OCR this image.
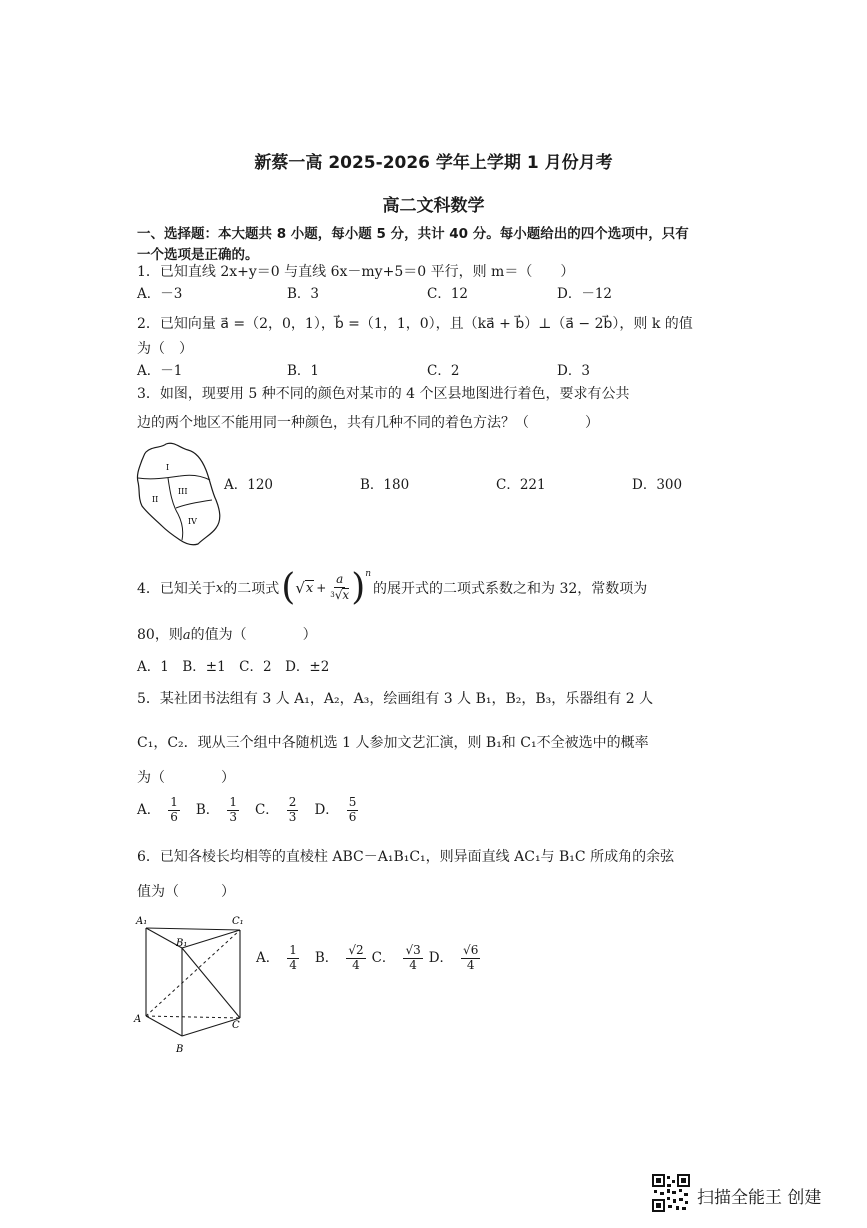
新蔡一高 2025-2026 学年上学期 1 月份月考
高二文科数学
一、选择题：本大题共 8 小题，每小题 5 分，共计 40 分。每小题给出的四个选项中，只有
一个选项是正确的。
1．已知直线 2x+y＝0 与直线 6x－my+5＝0 平行，则 m＝（　　）
A．－3	B．3	C．12	D．－12
2．已知向量 a⃗ =（2，0，1），b⃗ =（1，1，0），且（ka⃗ + b⃗）⊥（a⃗ − 2b⃗），则 k 的值
为（　）
A．－1	B．1	C．2	D．3
3．如图，现要用 5 种不同的颜色对某市的 4 个区县地图进行着色，要求有公共
边的两个地区不能用同一种颜色，共有几种不同的着色方法？（　　　　）
I
II
III
IV
A．120	B．180	C．221	D．300
4．已知关于 x 的二项式 ( √ $x + \frac{a}{3 √ x}$ ) n
的展开式的二项式系数之和为 32，常数项为
80，则a的值为（　　　　）
A．1　B．±1　C．2　D．±2
5．某社团书法组有 3 人 A₁，A₂，A₃，绘画组有 3 人 B₁，B₂，B₃，乐器组有 2 人
C₁，C₂．现从三个组中各随机选 1 人参加文艺汇演，则 B₁和 C₁不全被选中的概率
为（　　　　）
A． $\frac{1}{6}$ B． $\frac{1}{3}$ C． $\frac{2}{3}$ D． $\frac{5}{6}$
6．已知各棱长均相等的直棱柱 ABC－A₁B₁C₁，则异面直线 AC₁与 B₁C 所成角的余弦
值为（　　　）
A₁
B₁
C₁
A
B
C
A． $\frac{1}{4}$ B． $\frac{√2}{4}$ C． $\frac{√3}{4}$ D． $\frac{√6}{4}$
扫描全能王 创建
